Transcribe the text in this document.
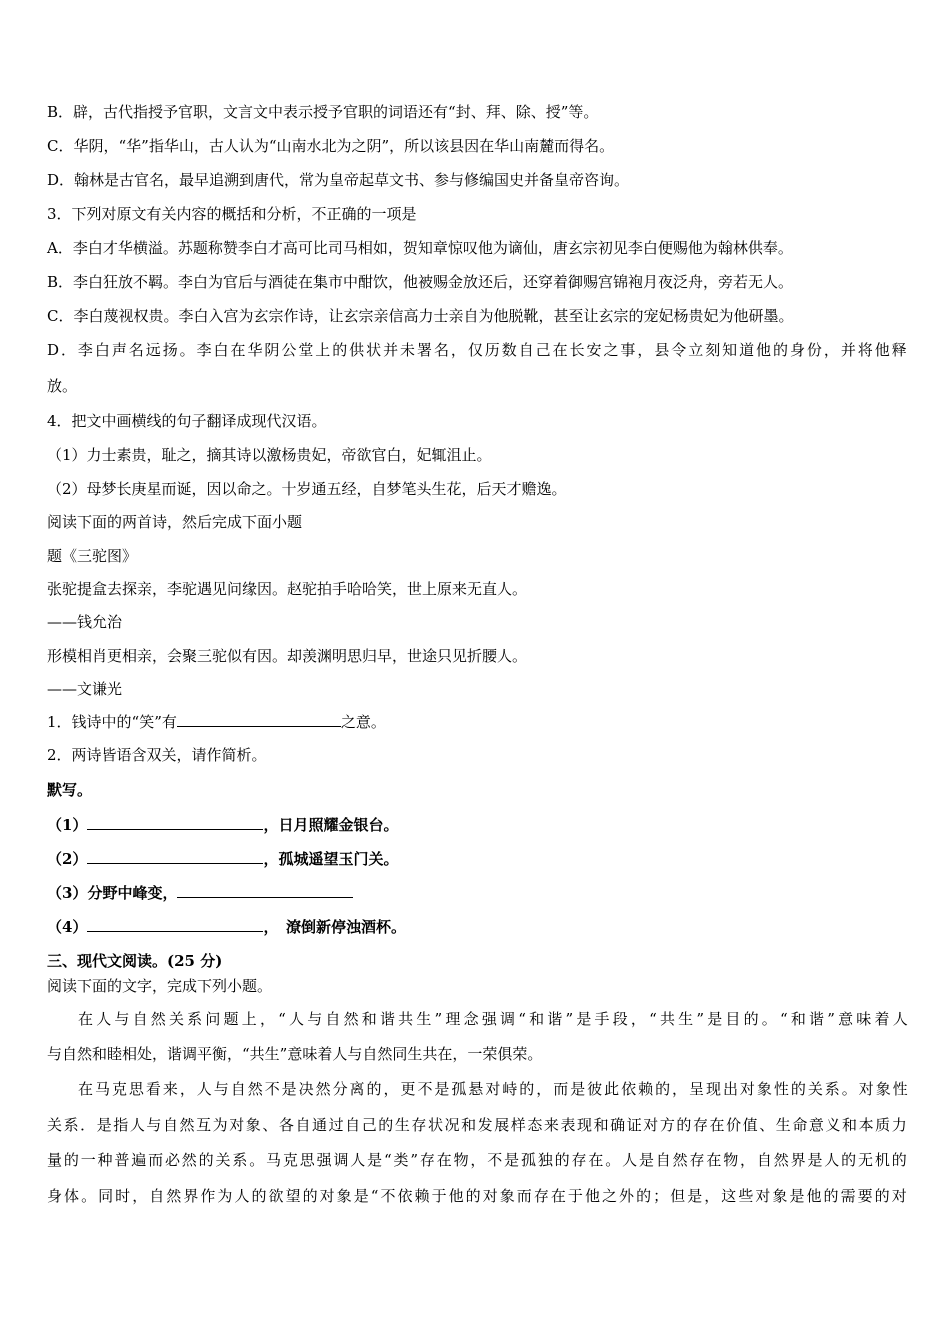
B．辟，古代指授予官职，文言文中表示授予官职的词语还有“封、拜、除、授”等。
C．华阴，“华”指华山，古人认为“山南水北为之阴”，所以该县因在华山南麓而得名。
D．翰林是古官名，最早追溯到唐代，常为皇帝起草文书、参与修编国史并备皇帝咨询。
3．下列对原文有关内容的概括和分析，不正确的一项是
A．李白才华横溢。苏题称赞李白才高可比司马相如，贺知章惊叹他为谪仙，唐玄宗初见李白便赐他为翰林供奉。
B．李白狂放不羁。李白为官后与酒徒在集市中酣饮，他被赐金放还后，还穿着御赐宫锦袍月夜泛舟，旁若无人。
C．李白蔑视权贵。李白入宫为玄宗作诗，让玄宗亲信高力士亲自为他脱靴，甚至让玄宗的宠妃杨贵妃为他研墨。
D．李白声名远扬。李白在华阴公堂上的供状并未署名，仅历数自己在长安之事，县令立刻知道他的身份，并将他释
放。
4．把文中画横线的句子翻译成现代汉语。
（1）力士素贵，耻之，摘其诗以激杨贵妃，帝欲官白，妃辄沮止。
（2）母梦长庚星而诞，因以命之。十岁通五经，自梦笔头生花，后天才赡逸。
阅读下面的两首诗，然后完成下面小题
题《三驼图》
张驼提盒去探亲，李驼遇见问缘因。赵驼拍手哈哈笑，世上原来无直人。
——钱允治
形模相肖更相亲，会聚三驼似有因。却羡渊明思归早，世途只见折腰人。
——文谦光
1．钱诗中的“笑”有	之意。
2．两诗皆语含双关，请作简析。
默写。
（1）	，日月照耀金银台。
（2）	，孤城遥望玉门关。
（3）分野中峰变，
（4）	，　潦倒新停浊酒杯。
三、现代文阅读。(25 分)
阅读下面的文字，完成下列小题。
在人与自然关系问题上，“人与自然和谐共生”理念强调“和谐”是手段，“共生”是目的。“和谐”意味着人
与自然和睦相处，谐调平衡，“共生”意味着人与自然同生共在，一荣俱荣。
在马克思看来，人与自然不是决然分离的，更不是孤悬对峙的，而是彼此依赖的，呈现出对象性的关系。对象性
关系．是指人与自然互为对象、各自通过自己的生存状况和发展样态来表现和确证对方的存在价值、生命意义和本质力
量的一种普遍而必然的关系。马克思强调人是“类”存在物，不是孤独的存在。人是自然存在物，自然界是人的无机的
身体。同时，自然界作为人的欲望的对象是“不依赖于他的对象而存在于他之外的；但是，这些对象是他的需要的对
